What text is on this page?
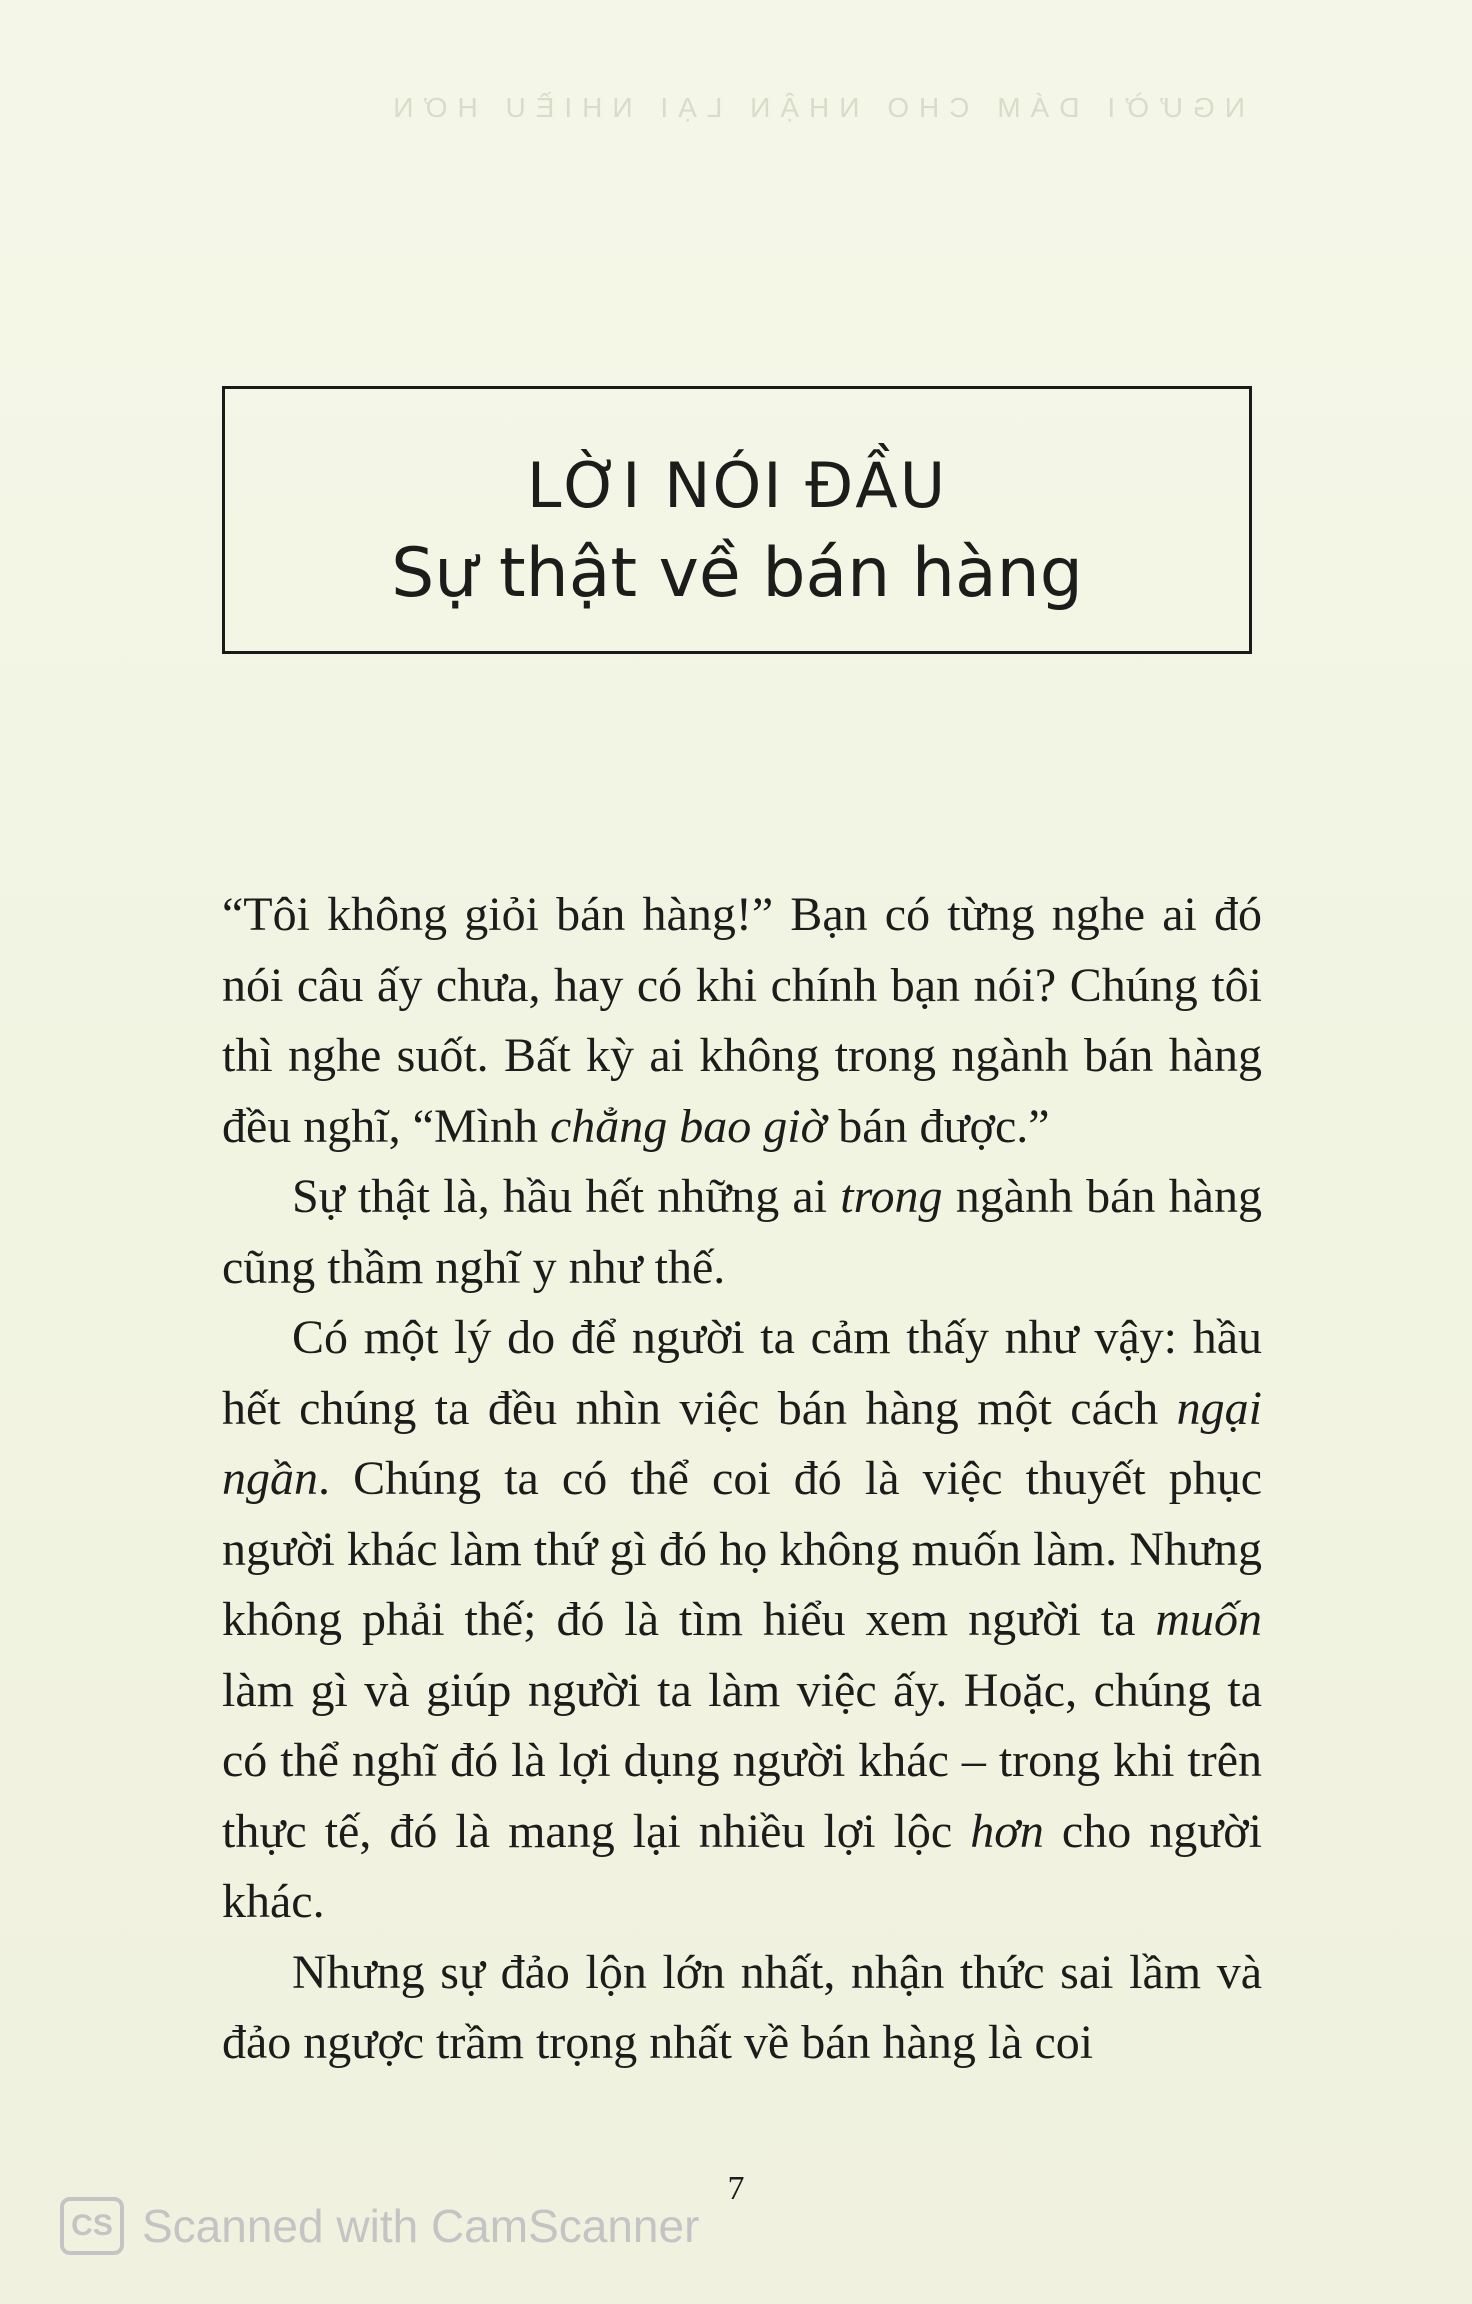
NGƯỜI DÁM CHO NHẬN LẠI NHIỀU HƠN
LỜI NÓI ĐẦU
Sự thật về bán hàng

“Tôi không giỏi bán hàng!” Bạn có từng nghe ai đó nói câu ấy chưa, hay có khi chính bạn nói? Chúng tôi thì nghe suốt. Bất kỳ ai không trong ngành bán hàng đều nghĩ, “Mình chẳng bao giờ bán được.”

Sự thật là, hầu hết những ai trong ngành bán hàng cũng thầm nghĩ y như thế.

Có một lý do để người ta cảm thấy như vậy: hầu hết chúng ta đều nhìn việc bán hàng một cách ngại ngần. Chúng ta có thể coi đó là việc thuyết phục người khác làm thứ gì đó họ không muốn làm. Nhưng không phải thế; đó là tìm hiểu xem người ta muốn làm gì và giúp người ta làm việc ấy. Hoặc, chúng ta có thể nghĩ đó là lợi dụng người khác – trong khi trên thực tế, đó là mang lại nhiều lợi lộc hơn cho người khác.

Nhưng sự đảo lộn lớn nhất, nhận thức sai lầm và đảo ngược trầm trọng nhất về bán hàng là coi

7
CS Scanned with CamScanner
